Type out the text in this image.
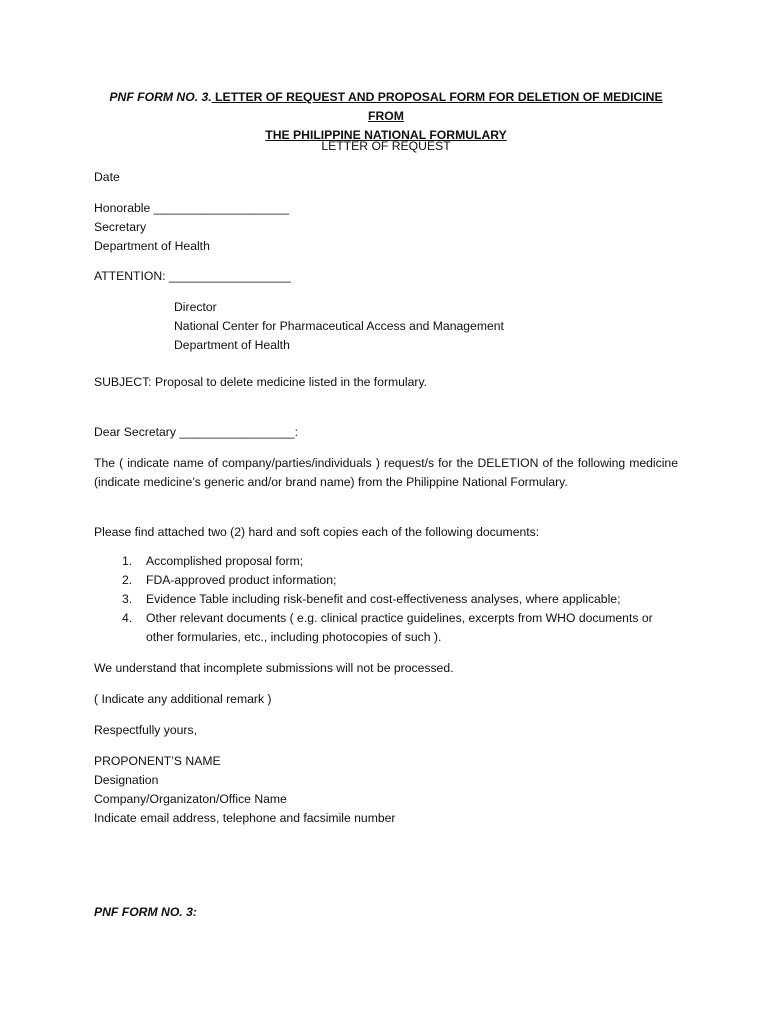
PNF FORM NO. 3. LETTER OF REQUEST AND PROPOSAL FORM FOR DELETION OF MEDICINE FROM
THE PHILIPPINE NATIONAL FORMULARY
LETTER OF REQUEST
Date
Honorable ____________________
Secretary
Department of Health
ATTENTION: __________________
Director
National Center for Pharmaceutical Access and Management
Department of Health
SUBJECT: Proposal to delete medicine listed in the formulary.
Dear Secretary _________________:
The ( indicate name of company/parties/individuals ) request/s for the DELETION of the following medicine (indicate medicine’s generic and/or brand name) from the Philippine National Formulary.
Please find attached two (2) hard and soft copies each of the following documents:
1. Accomplished proposal form;
2. FDA-approved product information;
3. Evidence Table including risk-benefit and cost-effectiveness analyses, where applicable;
4. Other relevant documents ( e.g. clinical practice guidelines, excerpts from WHO documents or other formularies, etc., including photocopies of such ).
We understand that incomplete submissions will not be processed.
( Indicate any additional remark )
Respectfully yours,
PROPONENT’S NAME
Designation
Company/Organizaton/Office Name
Indicate email address, telephone and facsimile number
PNF FORM NO. 3:
